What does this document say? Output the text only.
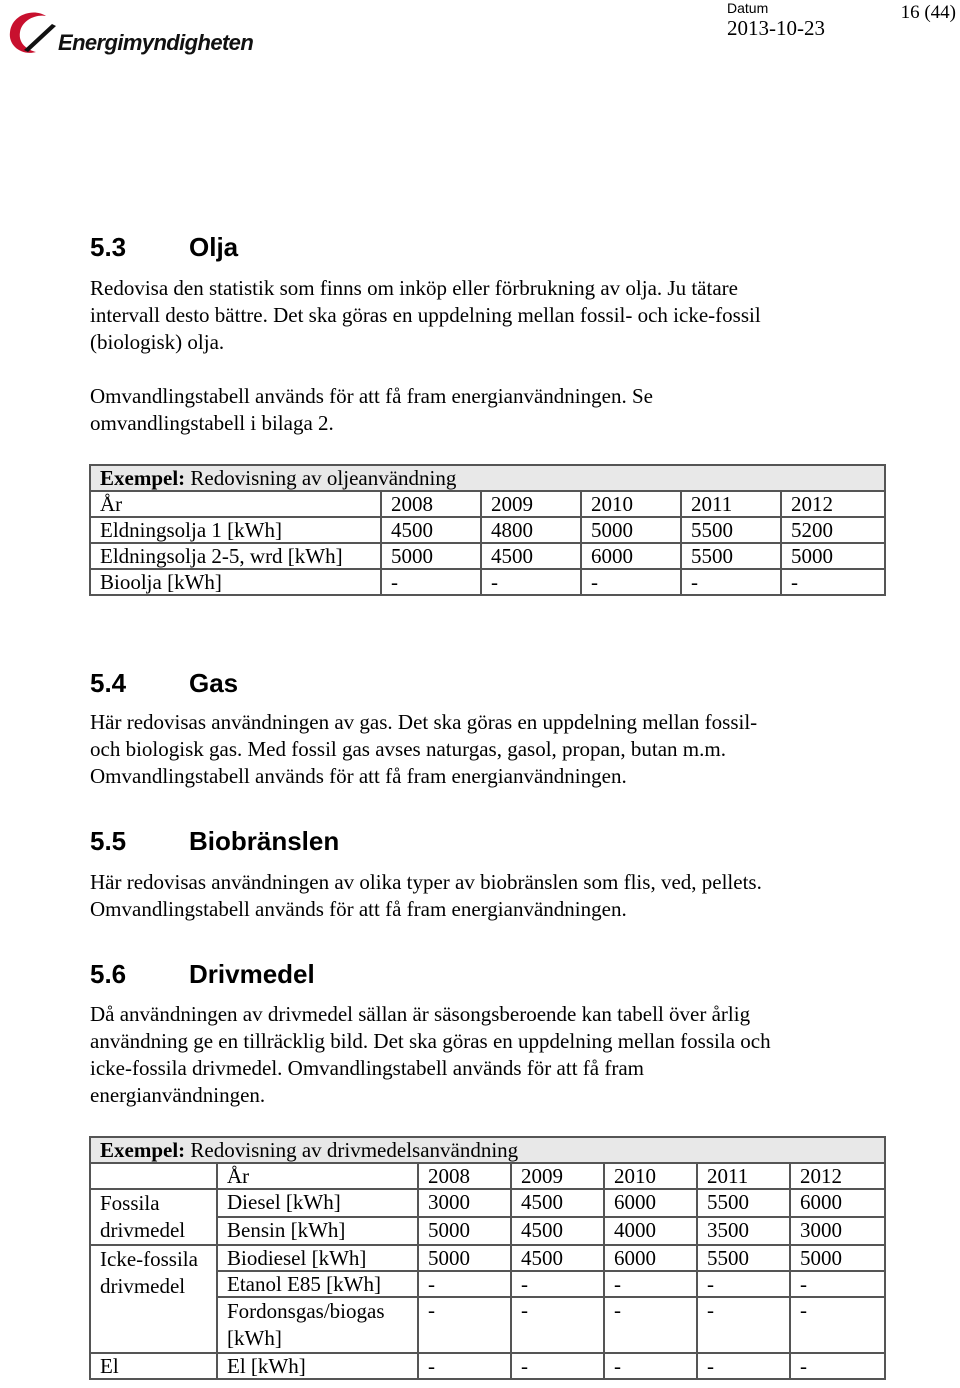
Energimyndigheten
Datum
2013-10-23
16 (44)
5.3 Olja
Redovisa den statistik som finns om inköp eller förbrukning av olja. Ju tätare
intervall desto bättre. Det ska göras en uppdelning mellan fossil- och icke-fossil
(biologisk) olja.
Omvandlingstabell används för att få fram energianvändningen. Se
omvandlingstabell i bilaga 2.
Exempel: Redovisning av oljeanvändning					
År	2008	2009	2010	2011	2012
Eldningsolja 1 [kWh]	4500	4800	5000	5500	5200
Eldningsolja 2-5, wrd [kWh]	5000	4500	6000	5500	5000
Bioolja [kWh]	-	-	-	-	-
5.4 Gas
Här redovisas användningen av gas. Det ska göras en uppdelning mellan fossil-
och biologisk gas. Med fossil gas avses naturgas, gasol, propan, butan m.m.
Omvandlingstabell används för att få fram energianvändningen.
5.5 Biobränslen
Här redovisas användningen av olika typer av biobränslen som flis, ved, pellets.
Omvandlingstabell används för att få fram energianvändningen.
5.6 Drivmedel
Då användningen av drivmedel sällan är säsongsberoende kan tabell över årlig
användning ge en tillräcklig bild. Det ska göras en uppdelning mellan fossila och
icke-fossila drivmedel. Omvandlingstabell används för att få fram
energianvändningen.
Exempel: Redovisning av drivmedelsanvändning						
	År	2008	2009	2010	2011	2012
Fossila drivmedel	Diesel [kWh]	3000	4500	6000	5500	6000
	Bensin [kWh]	5000	4500	4000	3500	3000
Icke-fossila drivmedel	Biodiesel [kWh]	5000	4500	6000	5500	5000
	Etanol E85 [kWh]	-	-	-	-	-
	Fordonsgas/biogas [kWh]	-	-	-	-	-
El	El [kWh]	-	-	-	-	-
